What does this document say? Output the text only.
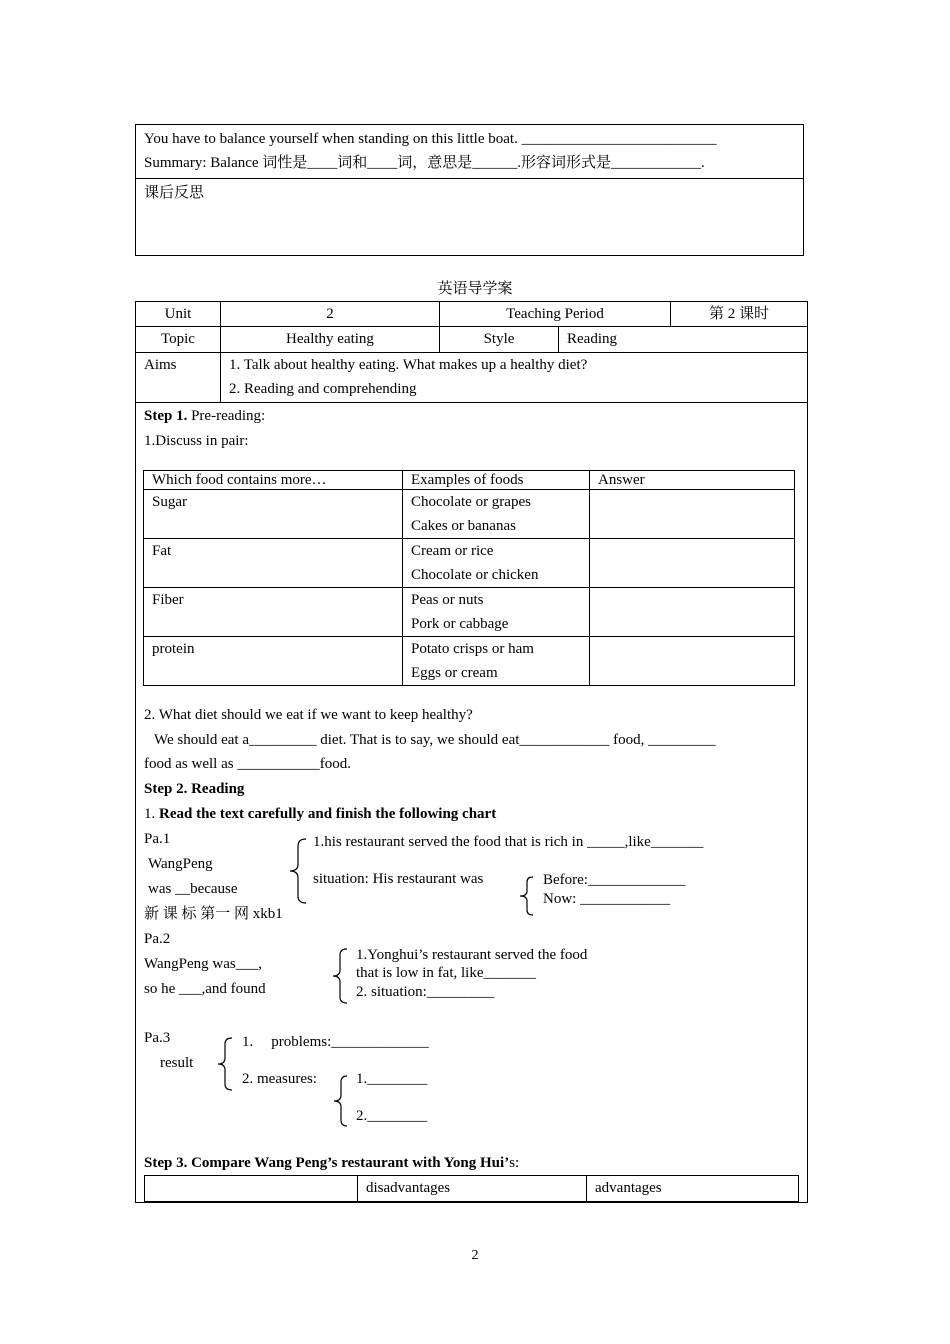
You have to balance yourself when standing on this little boat. __________________________
Summary: Balance 词性是____词和____词，意思是______.形容词形式是____________.

课后反思
英语导学案
Unit	2	Teaching Period	第 2 课时
Topic	Healthy eating	Style	Reading
Aims	1. Talk about healthy eating. What makes up a healthy diet?
2. Reading and comprehending		
Step 1. Pre-reading:
1.Discuss in pair:
Which food contains more…	Examples of foods	Answer
Sugar	Chocolate or grapes
Cakes or bananas	

Fat	Cream or rice
Chocolate or chicken	

Fiber	Peas or nuts
Pork or cabbage	

protein	Potato crisps or ham
Eggs or cream	

2. What diet should we eat if we want to keep healthy?
We should eat a_________ diet. That is to say, we should eat____________ food, _________
food as well as ___________food.
Step 2. Reading
1. Read the text carefully and finish the following chart
Pa.1
WangPeng
was __because
新 课 标 第一 网 xkb1
1.his restaurant served the food that is rich in _____,like_______
situation: His restaurant was	Before:_____________
Now: ____________
Pa.2
WangPeng was___,
so he ___,and found
1.Yonghui’s restaurant served the food
that is low in fat, like_______
2. situation:_________
Pa.3
result
1. problems:_____________
2. measures:	1.________
2.________
Step 3. Compare Wang Peng’s restaurant with Yong Hui’s:
	disadvantages	advantages
2
